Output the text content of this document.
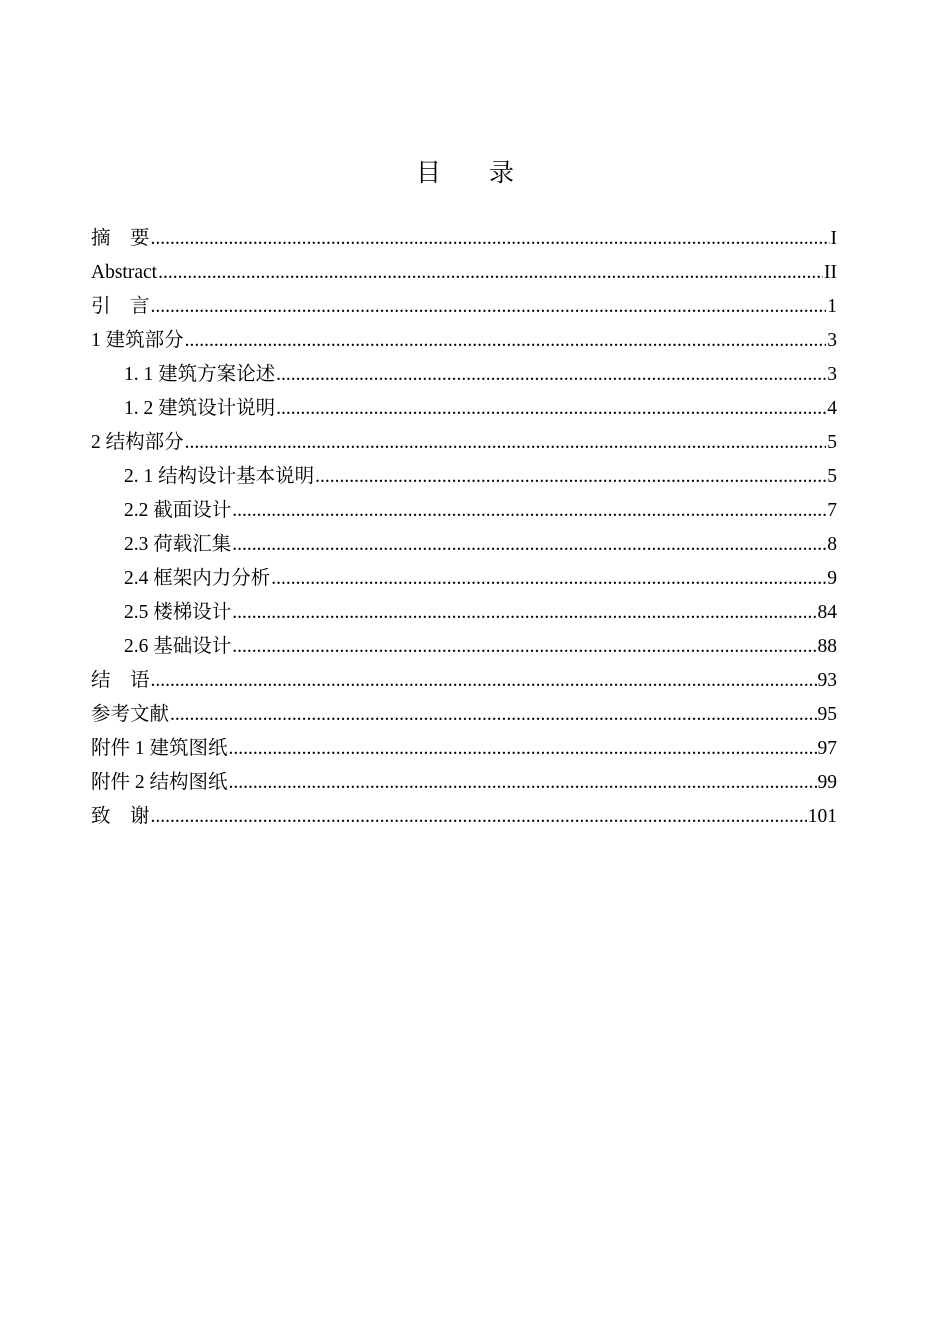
目 录
摘　要 .....	I
Abstract .....	II
引　言 .....	1
1 建筑部分 .....	3
1. 1 建筑方案论述 .....	3
1. 2 建筑设计说明 .....	4
2 结构部分 .....	5
2. 1 结构设计基本说明 .....	5
2.2 截面设计 .....	7
2.3 荷载汇集 .....	8
2.4 框架内力分析 .....	9
2.5 楼梯设计 .....	84
2.6 基础设计 .....	88
结　语 .....	93
参考文献 .....	95
附件 1 建筑图纸 .....	97
附件 2 结构图纸 .....	99
致　谢 .....	101
